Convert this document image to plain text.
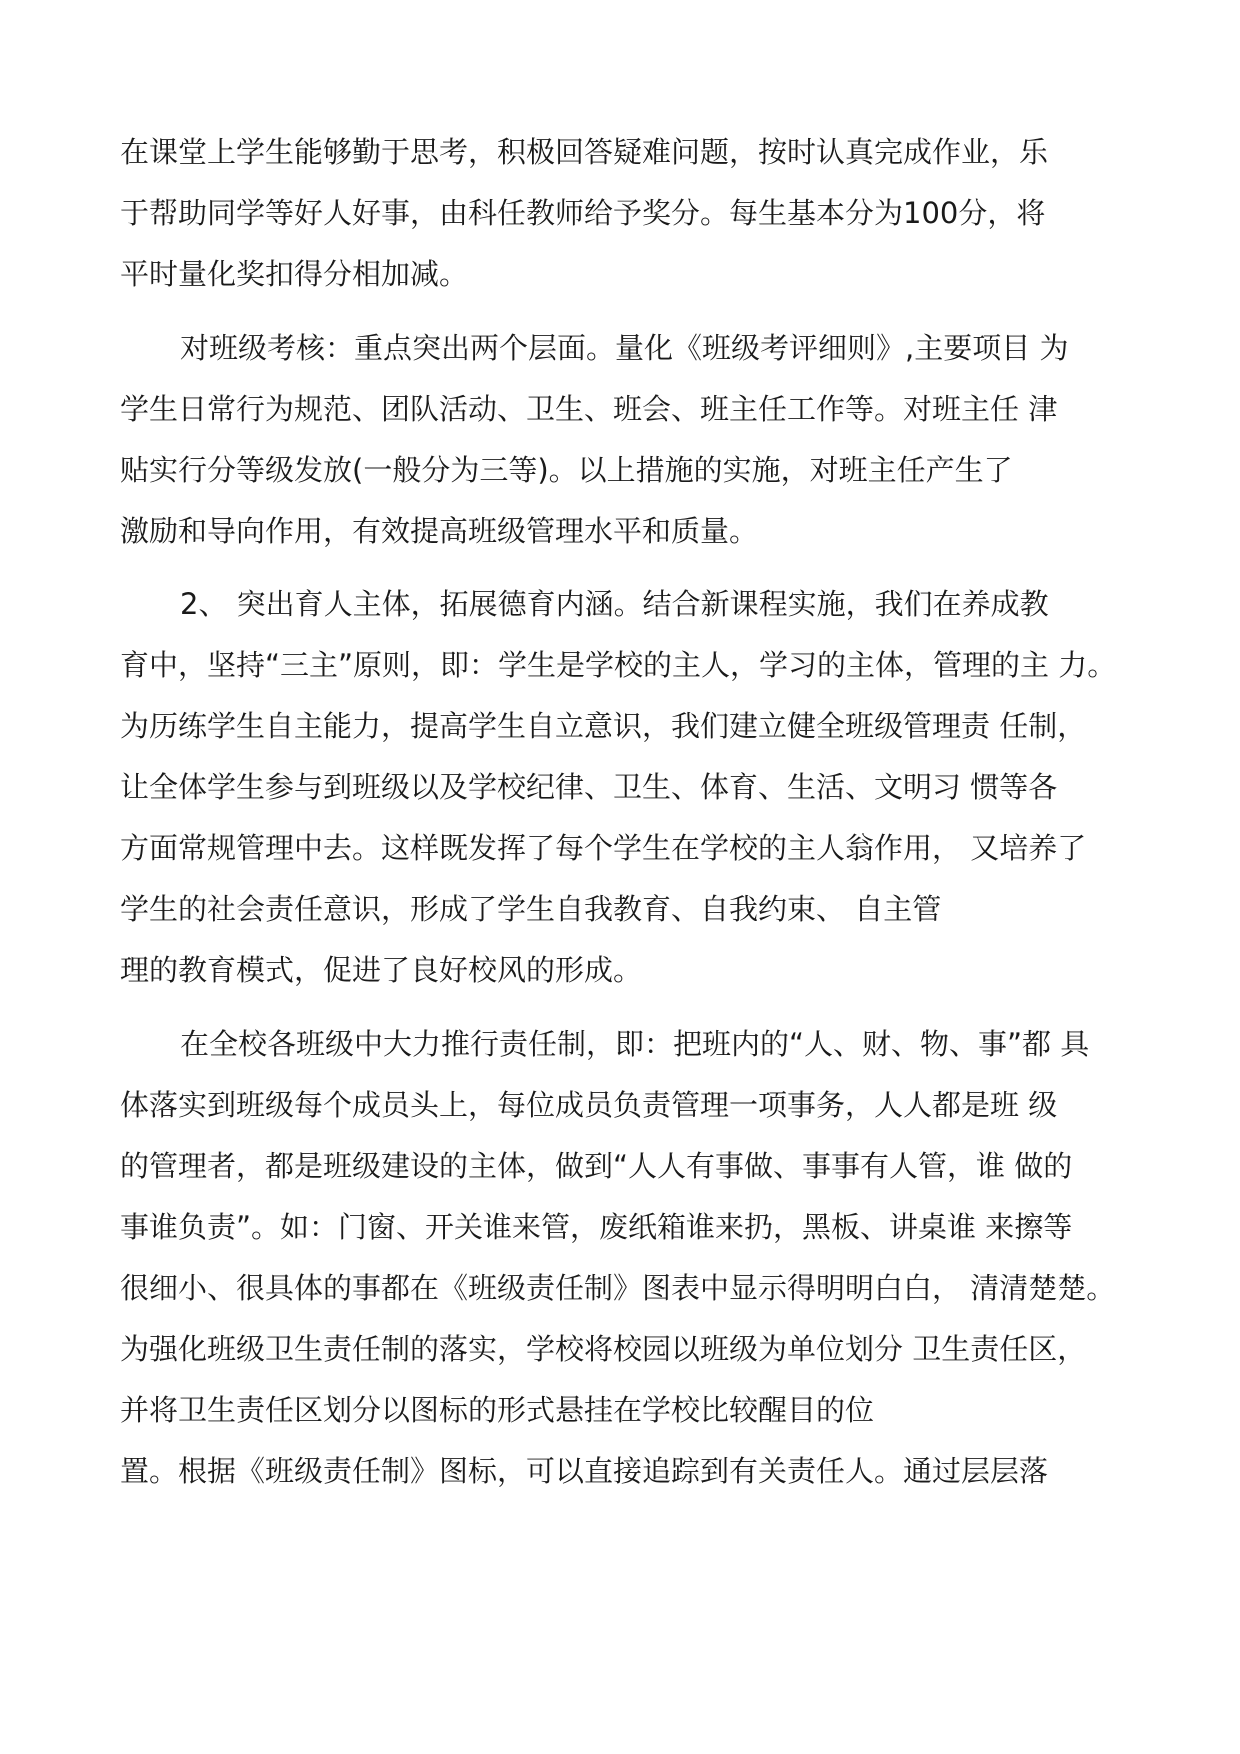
在课堂上学生能够勤于思考，积极回答疑难问题，按时认真完成作业，乐
于帮助同学等好人好事，由科任教师给予奖分。每生基本分为100分，将
平时量化奖扣得分相加减。
对班级考核：重点突出两个层面。量化《班级考评细则》,主要项目 为
学生日常行为规范、团队活动、卫生、班会、班主任工作等。对班主任 津
贴实行分等级发放(一般分为三等)。以上措施的实施，对班主任产生了
激励和导向作用，有效提高班级管理水平和质量。
2、 突出育人主体，拓展德育内涵。结合新课程实施，我们在养成教
育中，坚持“三主”原则，即：学生是学校的主人，学习的主体，管理的主 力。
为历练学生自主能力，提高学生自立意识，我们建立健全班级管理责 任制，
让全体学生参与到班级以及学校纪律、卫生、体育、生活、文明习 惯等各
方面常规管理中去。这样既发挥了每个学生在学校的主人翁作用， 又培养了
学生的社会责任意识，形成了学生自我教育、自我约束、 自主管
理的教育模式，促进了良好校风的形成。
在全校各班级中大力推行责任制，即：把班内的“人、财、物、事”都 具
体落实到班级每个成员头上，每位成员负责管理一项事务，人人都是班 级
的管理者，都是班级建设的主体，做到“人人有事做、事事有人管，谁 做的
事谁负责”。如：门窗、开关谁来管，废纸箱谁来扔，黑板、讲桌谁 来擦等
很细小、很具体的事都在《班级责任制》图表中显示得明明白白， 清清楚楚。
为强化班级卫生责任制的落实，学校将校园以班级为单位划分 卫生责任区，
并将卫生责任区划分以图标的形式悬挂在学校比较醒目的位
置。根据《班级责任制》图标，可以直接追踪到有关责任人。通过层层落
